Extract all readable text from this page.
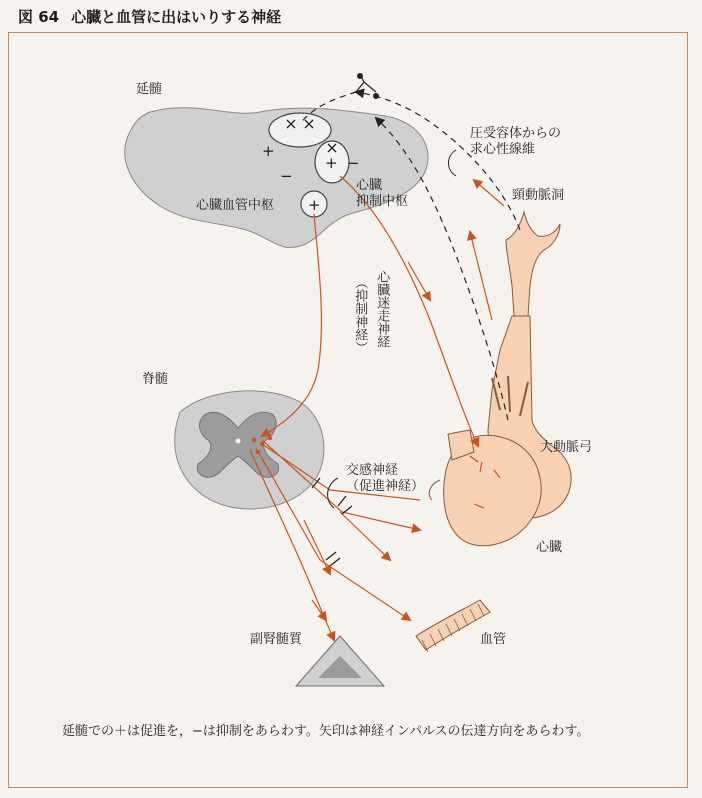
図 64 心臓と血管に出はいりする神経
+
+
+
−
−
延髄
心臓血管中枢
心臓
抑制中枢
圧受容体からの
求心性線維
頸動脈洞
心臓迷走神経
（抑制神経）
脊髄
大動脈弓
交感神経
（促進神経）
心臓
血管
副腎髄質
延髄での＋は促進を，−は抑制をあらわす。矢印は神経インパルスの伝達方向をあらわす。
